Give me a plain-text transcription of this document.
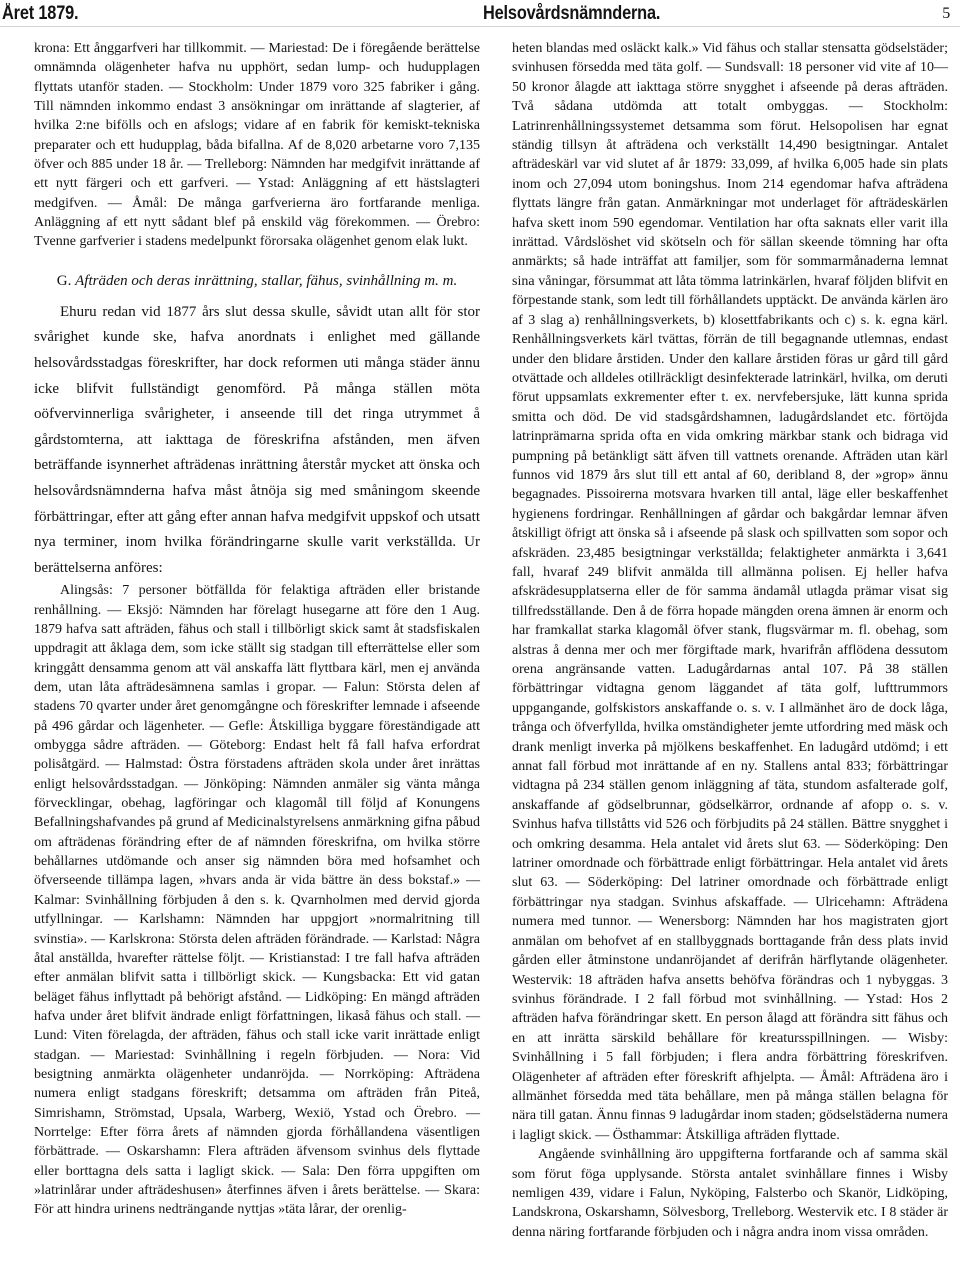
Året 1879.	Helsovårdsnämnderna.	5

krona: Ett ånggarfveri har tillkommit. — Mariestad: De i föregående berättelse omnämnda olägenheter hafva nu upphört, sedan lump- och hudupplagen flyttats utanför staden. — Stockholm: Under 1879 voro 325 fabriker i gång. Till nämnden inkommo endast 3 ansökningar om inrättande af slagterier, af hvilka 2:ne bifölls och en afslogs; vidare af en fabrik för kemiskt-tekniska preparater och ett hudupplag, båda bifallna. Af de 8,020 arbetarne voro 7,135 öfver och 885 under 18 år. — Trelleborg: Nämnden har medgifvit inrättande af ett nytt färgeri och ett garfveri. — Ystad: Anläggning af ett hästslagteri medgifven. — Åmål: De många garfverierna äro fortfarande menliga. Anläggning af ett nytt sådant blef på enskild väg förekommen. — Örebro: Tvenne garfverier i stadens medelpunkt förorsaka olägenhet genom elak lukt.

G. Afträden och deras inrättning, stallar, fähus, svinhållning m. m.

Ehuru redan vid 1877 års slut dessa skulle, såvidt utan allt för stor svårighet kunde ske, hafva anordnats i enlighet med gällande helsovårdsstadgas föreskrifter, har dock reformen uti många städer ännu icke blifvit fullständigt genomförd. På många ställen möta oöfvervinnerliga svårigheter, i anseende till det ringa utrymmet å gårdstomterna, att iakttaga de föreskrifna afstånden, men äfven beträffande isynnerhet afträdenas inrättning återstår mycket att önska och helsovårdsnämnderna hafva måst åtnöja sig med småningom skeende förbättringar, efter att gång efter annan hafva medgifvit uppskof och utsatt nya terminer, inom hvilka förändringarne skulle varit verkställda. Ur berättelserna anföres:

Alingsås: 7 personer bötfällda för felaktiga afträden eller bristande renhållning. — Eksjö: Nämnden har förelagt husegarne att före den 1 Aug. 1879 hafva satt afträden, fähus och stall i tillbörligt skick samt åt stadsfiskalen uppdragit att åklaga dem, som icke ställt sig stadgan till efterrättelse eller som kringgått densamma genom att väl anskaffa lätt flyttbara kärl, men ej använda dem, utan låta afträdesämnena samlas i gropar. — Falun: Största delen af stadens 70 qvarter under året genomgångne och föreskrifter lemnade i afseende på 496 gårdar och lägenheter. — Gefle: Åtskilliga byggare föreständigade att ombygga sådre afträden. — Göteborg: Endast helt få fall hafva erfordrat polisåtgärd. — Halmstad: Östra förstadens afträden skola under året inrättas enligt helsovårdsstadgan. — Jönköping: Nämnden anmäler sig vänta många förvecklingar, obehag, lagföringar och klagomål till följd af Konungens Befallningshafvandes på grund af Medicinalstyrelsens anmärkning gifna påbud om afträdenas förändring efter de af nämnden föreskrifna, om hvilka större behållarnes utdömande och anser sig nämnden böra med hofsamhet och öfverseende tillämpa lagen, »hvars anda är vida bättre än dess bokstaf.» — Kalmar: Svinhållning förbjuden å den s. k. Qvarnholmen med dervid gjorda utfyllningar. — Karlshamn: Nämnden har uppgjort »normalritning till svinstia». — Karlskrona: Största delen afträden förändrade. — Karlstad: Några åtal anställda, hvarefter rättelse följt. — Kristianstad: I tre fall hafva afträden efter anmälan blifvit satta i tillbörligt skick. — Kungsbacka: Ett vid gatan beläget fähus inflyttadt på behörigt afstånd. — Lidköping: En mängd afträden hafva under året blifvit ändrade enligt författningen, likaså fähus och stall. — Lund: Viten förelagda, der afträden, fähus och stall icke varit inrättade enligt stadgan. — Mariestad: Svinhållning i regeln förbjuden. — Nora: Vid besigtning anmärkta olägenheter undanröjda. — Norrköping: Afträdena numera enligt stadgans föreskrift; detsamma om afträden från Piteå, Simrishamn, Strömstad, Upsala, Warberg, Wexiö, Ystad och Örebro. — Norrtelge: Efter förra årets af nämnden gjorda förhållandena väsentligen förbättrade. — Oskarshamn: Flera afträden äfvensom svinhus dels flyttade eller borttagna dels satta i lagligt skick. — Sala: Den förra uppgiften om »latrinlårar under afträdeshusen» återfinnes äfven i årets berättelse. — Skara: För att hindra urinens nedträngande nyttjas »täta lårar, der orenlig-

heten blandas med osläckt kalk.» Vid fähus och stallar stensatta gödselstäder; svinhusen försedda med täta golf. — Sundsvall: 18 personer vid vite af 10—50 kronor ålagde att iakttaga större snygghet i afseende på deras afträden. Två sådana utdömda att totalt ombyggas. — Stockholm: Latrinrenhållningssystemet detsamma som förut. Helsopolisen har egnat ständig tillsyn åt afträdena och verkställt 14,490 besigtningar. Antalet afträdeskärl var vid slutet af år 1879: 33,099, af hvilka 6,005 hade sin plats inom och 27,094 utom boningshus. Inom 214 egendomar hafva afträdena flyttats längre från gatan. Anmärkningar mot underlaget för afträdeskärlen hafva skett inom 590 egendomar. Ventilation har ofta saknats eller varit illa inrättad. Vårdslöshet vid skötseln och för sällan skeende tömning har ofta anmärkts; så hade inträffat att familjer, som för sommarmånaderna lemnat sina våningar, försummat att låta tömma latrinkärlen, hvaraf följden blifvit en förpestande stank, som ledt till förhållandets upptäckt. De använda kärlen äro af 3 slag a) renhållningsverkets, b) klosettfabrikants och c) s. k. egna kärl. Renhållningsverkets kärl tvättas, förrän de till begagnande utlemnas, endast under den blidare årstiden. Under den kallare årstiden föras ur gård till gård otvättade och alldeles otillräckligt desinfekterade latrinkärl, hvilka, om deruti förut uppsamlats exkrementer efter t. ex. nervfebersjuke, lätt kunna sprida smitta och död. De vid stadsgårdshamnen, ladugårdslandet etc. förtöjda latrinprämarna sprida ofta en vida omkring märkbar stank och bidraga vid pumpning på betänkligt sätt äfven till vattnets orenande. Afträden utan kärl funnos vid 1879 års slut till ett antal af 60, deribland 8, der »grop» ännu begagnades. Pissoirerna motsvara hvarken till antal, läge eller beskaffenhet hygienens fordringar. Renhållningen af gårdar och bakgårdar lemnar äfven åtskilligt öfrigt att önska så i afseende på slask och spillvatten som sopor och afskräden. 23,485 besigtningar verkställda; felaktigheter anmärkta i 3,641 fall, hvaraf 249 blifvit anmälda till allmänna polisen. Ej heller hafva afskrädesupplatserna eller de för samma ändamål utlagda prämar visat sig tillfredsställande. Den å de förra hopade mängden orena ämnen är enorm och har framkallat starka klagomål öfver stank, flugsvärmar m. fl. obehag, som alstras å denna mer och mer förgiftade mark, hvarifrån afflödena dessutom orena angränsande vatten. Ladugårdarnas antal 107. På 38 ställen förbättringar vidtagna genom läggandet af täta golf, lufttrummors uppgangande, golfskistors anskaffande o. s. v. I allmänhet äro de dock låga, trånga och öfverfyllda, hvilka omständigheter jemte utfordring med mäsk och drank menligt inverka på mjölkens beskaffenhet. En ladugård utdömd; i ett annat fall förbud mot inrättande af en ny. Stallens antal 833; förbättringar vidtagna på 234 ställen genom inläggning af täta, stundom asfalterade golf, anskaffande af gödselbrunnar, gödselkärror, ordnande af afopp o. s. v. Svinhus hafva tillståtts vid 526 och förbjudits på 24 ställen. Bättre snygghet i och omkring desamma. Hela antalet vid årets slut 63. — Söderköping: Den latriner omordnade och förbättrade enligt förbättringar. Hela antalet vid årets slut 63. — Söderköping: Del latriner omordnade och förbättrade enligt förbättringar nya stadgan. Svinhus afskaffade. — Ulricehamn: Afträdena numera med tunnor. — Wenersborg: Nämnden har hos magistraten gjort anmälan om behofvet af en stallbyggnads borttagande från dess plats invid gården eller åtminstone undanröjandet af derifrån härflytande olägenheter. Westervik: 18 afträden hafva ansetts behöfva förändras och 1 nybyggas. 3 svinhus förändrade. I 2 fall förbud mot svinhållning. — Ystad: Hos 2 afträden hafva förändringar skett. En person ålagd att förändra sitt fähus och en att inrätta särskild behållare för kreatursspillningen. — Wisby: Svinhållning i 5 fall förbjuden; i flera andra förbättring föreskrifven. Olägenheter af afträden efter föreskrift afhjelpta. — Åmål: Afträdena äro i allmänhet försedda med täta behållare, men på många ställen belagna för nära till gatan. Ännu finnas 9 ladugårdar inom staden; gödselstäderna numera i lagligt skick. — Östhammar: Åtskilliga afträden flyttade.

Angående svinhållning äro uppgifterna fortfarande och af samma skäl som förut föga upplysande. Största antalet svinhållare finnes i Wisby nemligen 439, vidare i Falun, Nyköping, Falsterbo och Skanör, Lidköping, Landskrona, Oskarshamn, Sölvesborg, Trelleborg. Westervik etc. I 8 städer är denna näring fortfarande förbjuden och i några andra inom vissa områden.
